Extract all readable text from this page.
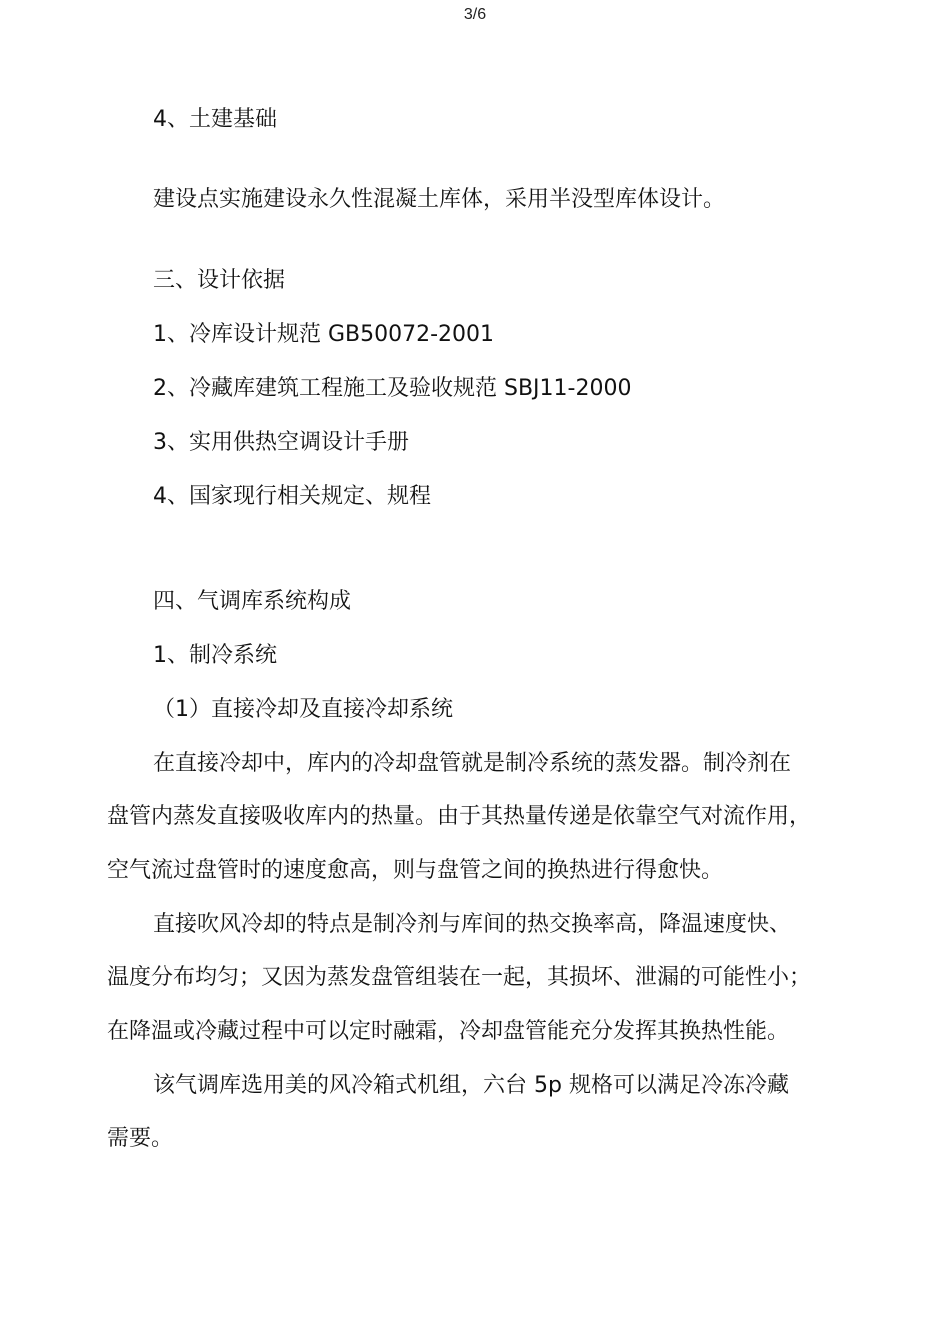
3/6
4、土建基础
建设点实施建设永久性混凝土库体，采用半没型库体设计。
三、设计依据
1、冷库设计规范 GB50072-2001
2、冷藏库建筑工程施工及验收规范 SBJ11-2000
3、实用供热空调设计手册
4、国家现行相关规定、规程
四、气调库系统构成
1、制冷系统
（1）直接冷却及直接冷却系统
在直接冷却中，库内的冷却盘管就是制冷系统的蒸发器。制冷剂在
盘管内蒸发直接吸收库内的热量。由于其热量传递是依靠空气对流作用，
空气流过盘管时的速度愈高，则与盘管之间的换热进行得愈快。
直接吹风冷却的特点是制冷剂与库间的热交换率高，降温速度快、
温度分布均匀；又因为蒸发盘管组装在一起，其损坏、泄漏的可能性小；
在降温或冷藏过程中可以定时融霜，冷却盘管能充分发挥其换热性能。
该气调库选用美的风冷箱式机组，六台 5p 规格可以满足冷冻冷藏
需要。
